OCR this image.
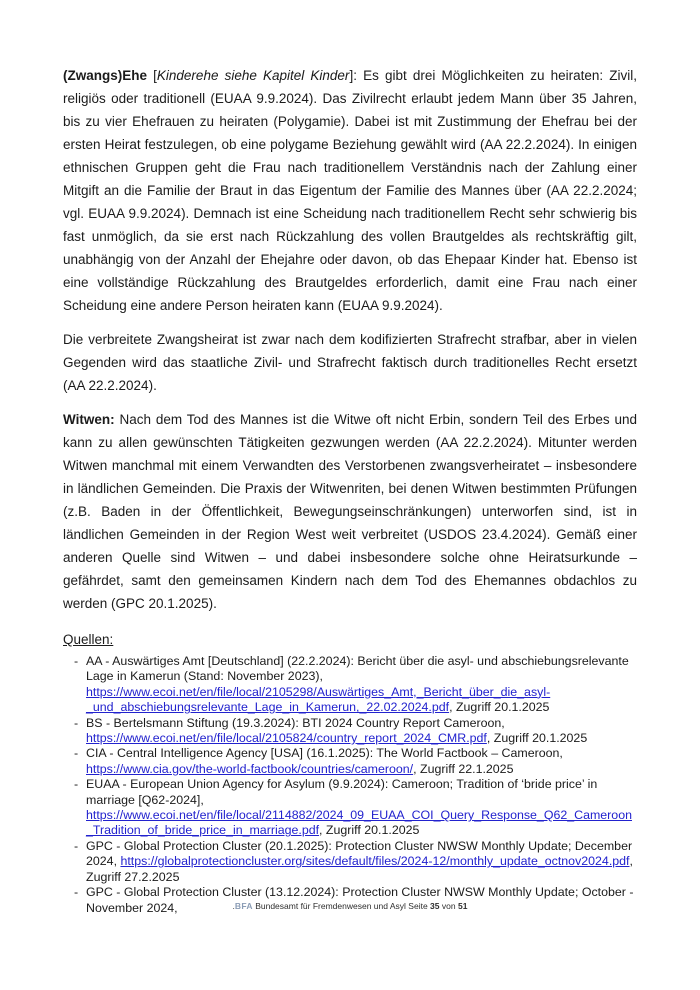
(Zwangs)Ehe [Kinderehe siehe Kapitel Kinder]: Es gibt drei Möglichkeiten zu heiraten: Zivil, religiös oder traditionell (EUAA 9.9.2024). Das Zivilrecht erlaubt jedem Mann über 35 Jahren, bis zu vier Ehefrauen zu heiraten (Polygamie). Dabei ist mit Zustimmung der Ehefrau bei der ersten Heirat festzulegen, ob eine polygame Beziehung gewählt wird (AA 22.2.2024). In einigen ethnischen Gruppen geht die Frau nach traditionellem Verständnis nach der Zahlung einer Mitgift an die Familie der Braut in das Eigentum der Familie des Mannes über (AA 22.2.2024; vgl. EUAA 9.9.2024). Demnach ist eine Scheidung nach traditionellem Recht sehr schwierig bis fast unmöglich, da sie erst nach Rückzahlung des vollen Brautgeldes als rechtskräftig gilt, unabhängig von der Anzahl der Ehejahre oder davon, ob das Ehepaar Kinder hat. Ebenso ist eine vollständige Rückzahlung des Brautgeldes erforderlich, damit eine Frau nach einer Scheidung eine andere Person heiraten kann (EUAA 9.9.2024).

Die verbreitete Zwangsheirat ist zwar nach dem kodifizierten Strafrecht strafbar, aber in vielen Gegenden wird das staatliche Zivil- und Strafrecht faktisch durch traditionelles Recht ersetzt (AA 22.2.2024).

Witwen: Nach dem Tod des Mannes ist die Witwe oft nicht Erbin, sondern Teil des Erbes und kann zu allen gewünschten Tätigkeiten gezwungen werden (AA 22.2.2024). Mitunter werden Witwen manchmal mit einem Verwandten des Verstorbenen zwangsverheiratet – insbesondere in ländlichen Gemeinden. Die Praxis der Witwenriten, bei denen Witwen bestimmten Prüfungen (z.B. Baden in der Öffentlichkeit, Bewegungseinschränkungen) unterworfen sind, ist in ländlichen Gemeinden in der Region West weit verbreitet (USDOS 23.4.2024). Gemäß einer anderen Quelle sind Witwen – und dabei insbesondere solche ohne Heiratsurkunde – gefährdet, samt den gemeinsamen Kindern nach dem Tod des Ehemannes obdachlos zu werden (GPC 20.1.2025).

Quellen:

- AA - Auswärtiges Amt [Deutschland] (22.2.2024): Bericht über die asyl- und abschiebungsrelevante Lage in Kamerun (Stand: November 2023), https://www.ecoi.net/en/file/local/2105298/Auswärtiges_Amt,_Bericht_über_die_asyl-_und_abschiebungsrelevante_Lage_in_Kamerun,_22.02.2024.pdf, Zugriff 20.1.2025
- BS - Bertelsmann Stiftung (19.3.2024): BTI 2024 Country Report Cameroon, https://www.ecoi.net/en/file/local/2105824/country_report_2024_CMR.pdf, Zugriff 20.1.2025
- CIA - Central Intelligence Agency [USA] (16.1.2025): The World Factbook – Cameroon, https://www.cia.gov/the-world-factbook/countries/cameroon/, Zugriff 22.1.2025
- EUAA - European Union Agency for Asylum (9.9.2024): Cameroon; Tradition of ‘bride price’ in marriage [Q62-2024], https://www.ecoi.net/en/file/local/2114882/2024_09_EUAA_COI_Query_Response_Q62_Cameroon_Tradition_of_bride_price_in_marriage.pdf, Zugriff 20.1.2025
- GPC - Global Protection Cluster (20.1.2025): Protection Cluster NWSW Monthly Update; December 2024, https://globalprotectioncluster.org/sites/default/files/2024-12/monthly_update_octnov2024.pdf, Zugriff 27.2.2025
- GPC - Global Protection Cluster (13.12.2024): Protection Cluster NWSW Monthly Update; October - November 2024,	.BFA Bundesamt für Fremdenwesen und Asyl Seite 35 von 51
